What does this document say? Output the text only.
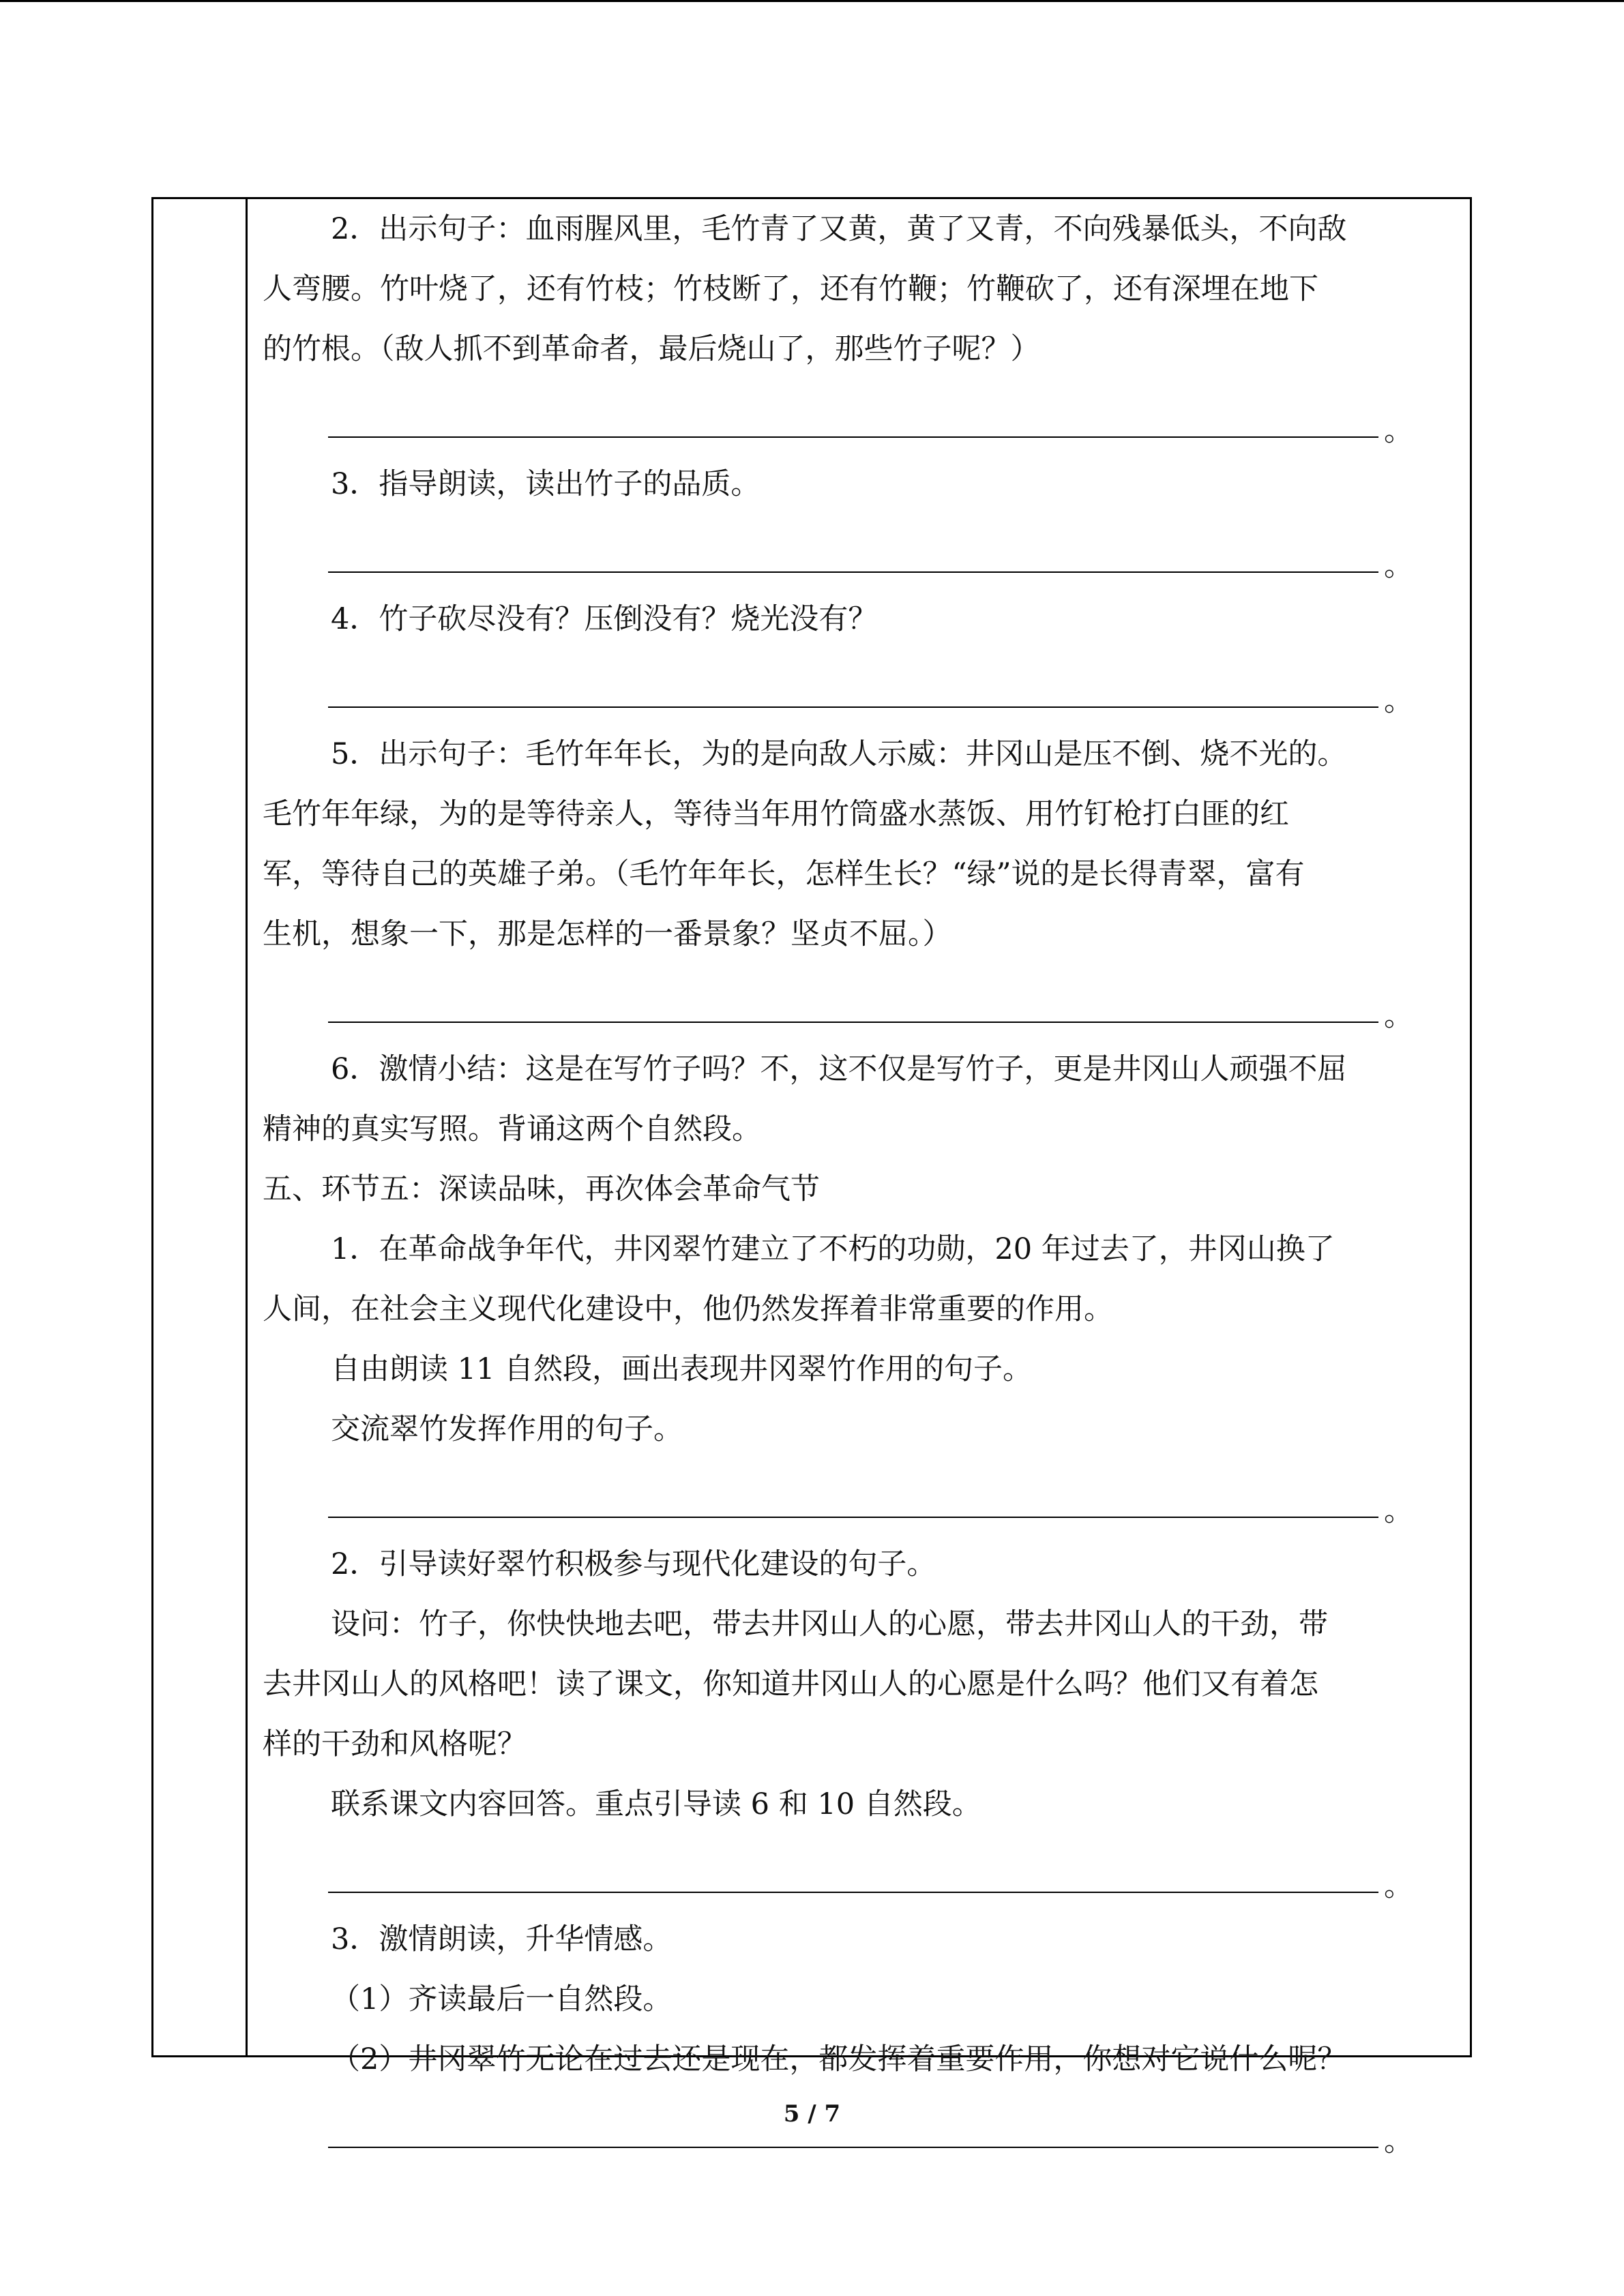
2．出示句子：血雨腥风里，毛竹青了又黄，黄了又青，不向残暴低头，不向敌
人弯腰。竹叶烧了，还有竹枝；竹枝断了，还有竹鞭；竹鞭砍了，还有深埋在地下
的竹根。（敌人抓不到革命者，最后烧山了，那些竹子呢？）
。
3．指导朗读，读出竹子的品质。
。
4．竹子砍尽没有？压倒没有？烧光没有？
。
5．出示句子：毛竹年年长，为的是向敌人示威：井冈山是压不倒、烧不光的。
毛竹年年绿，为的是等待亲人，等待当年用竹筒盛水蒸饭、用竹钉枪打白匪的红
军，等待自己的英雄子弟。（毛竹年年长，怎样生长？“绿”说的是长得青翠，富有
生机，想象一下，那是怎样的一番景象？坚贞不屈。）
。
6．激情小结：这是在写竹子吗？不，这不仅是写竹子，更是井冈山人顽强不屈
精神的真实写照。背诵这两个自然段。
五、环节五：深读品味，再次体会革命气节
1．在革命战争年代，井冈翠竹建立了不朽的功勋，20 年过去了，井冈山换了
人间，在社会主义现代化建设中，他仍然发挥着非常重要的作用。
自由朗读 11 自然段，画出表现井冈翠竹作用的句子。
交流翠竹发挥作用的句子。
。
2．引导读好翠竹积极参与现代化建设的句子。
设问：竹子，你快快地去吧，带去井冈山人的心愿，带去井冈山人的干劲，带
去井冈山人的风格吧！读了课文，你知道井冈山人的心愿是什么吗？他们又有着怎
样的干劲和风格呢？
联系课文内容回答。重点引导读 6 和 10 自然段。
。
3．激情朗读，升华情感。
（1）齐读最后一自然段。
（2）井冈翠竹无论在过去还是现在，都发挥着重要作用，你想对它说什么呢？
。
5 / 7
